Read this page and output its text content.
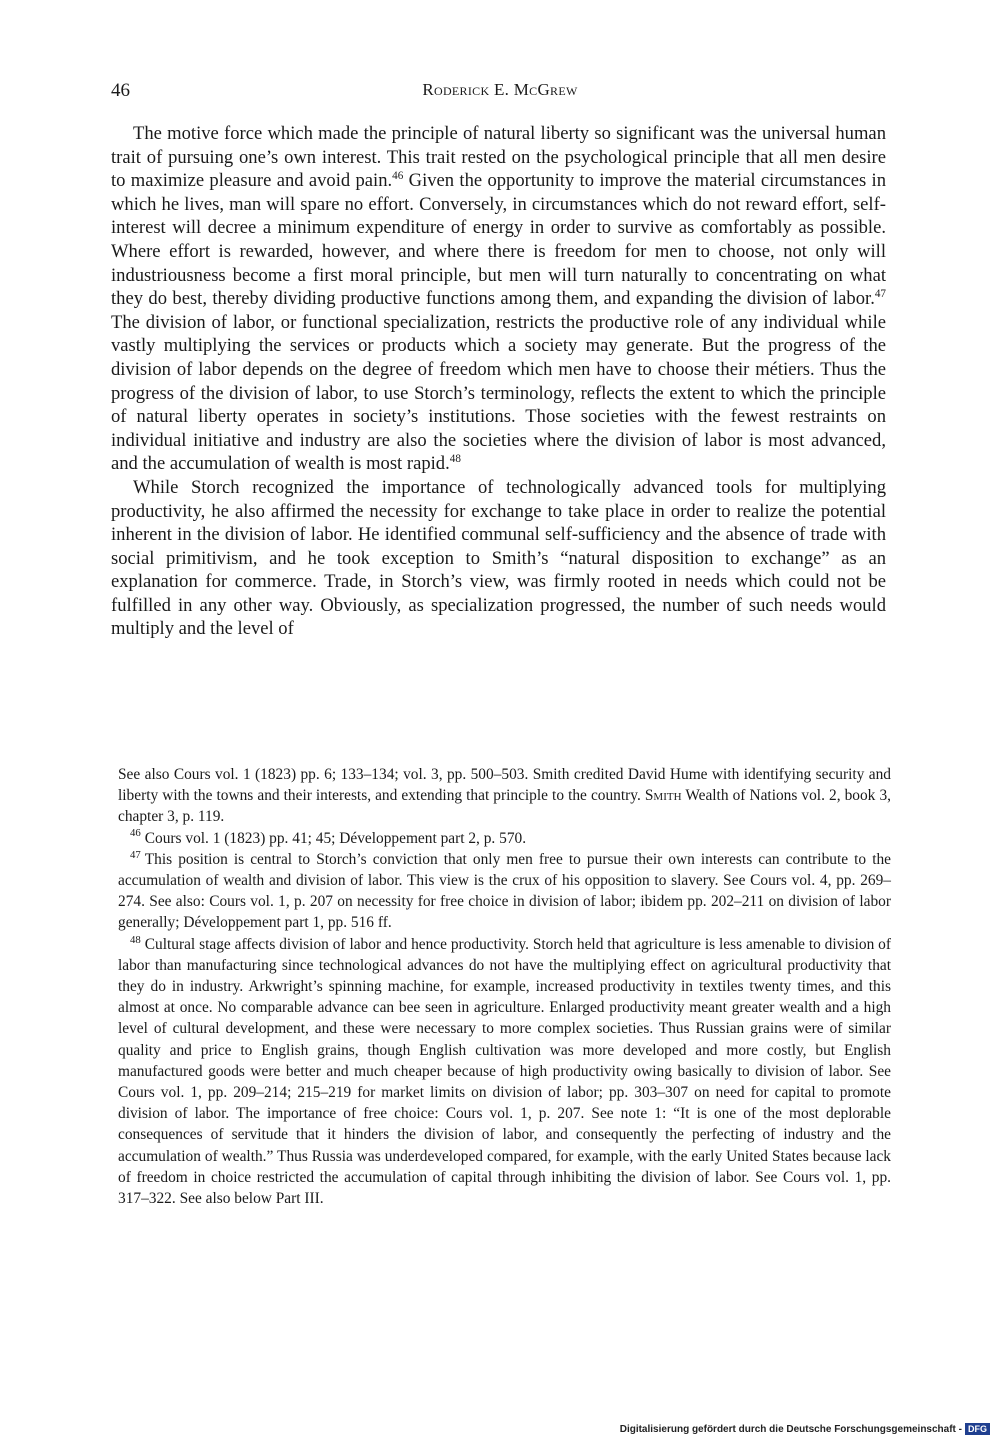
46	Roderick E. McGrew

The motive force which made the principle of natural liberty so significant was the universal human trait of pursuing one’s own interest. This trait rested on the psychological principle that all men desire to maximize pleasure and avoid pain.$^{46}$ Given the opportunity to improve the material circumstances in which he lives, man will spare no effort. Conversely, in circumstances which do not reward effort, self-interest will decree a minimum expenditure of energy in order to survive as comfortably as possible. Where effort is rewarded, however, and where there is freedom for men to choose, not only will industriousness become a first moral principle, but men will turn naturally to concentrating on what they do best, thereby dividing productive functions among them, and expanding the division of labor.$^{47}$ The division of labor, or functional specialization, restricts the productive role of any individual while vastly multiplying the services or products which a society may generate. But the progress of the division of labor depends on the degree of freedom which men have to choose their métiers. Thus the progress of the division of labor, to use Storch’s terminology, reflects the extent to which the principle of natural liberty operates in society’s institutions. Those societies with the fewest restraints on individual initiative and industry are also the societies where the division of labor is most advanced, and the accumulation of wealth is most rapid.$^{48}$

While Storch recognized the importance of technologically advanced tools for multiplying productivity, he also affirmed the necessity for exchange to take place in order to realize the potential inherent in the division of labor. He identified communal self-sufficiency and the absence of trade with social primitivism, and he took exception to Smith’s “natural disposition to exchange” as an explanation for commerce. Trade, in Storch’s view, was firmly rooted in needs which could not be fulfilled in any other way. Obviously, as specialization progressed, the number of such needs would multiply and the level of

See also Cours vol. 1 (1823) pp. 6; 133–134; vol. 3, pp. 500–503. Smith credited David Hume with identifying security and liberty with the towns and their interests, and extending that principle to the country. Smith Wealth of Nations vol. 2, book 3, chapter 3, p. 119.

$^{46}$ Cours vol. 1 (1823) pp. 41; 45; Développement part 2, p. 570.

$^{47}$ This position is central to Storch’s conviction that only men free to pursue their own interests can contribute to the accumulation of wealth and division of labor. This view is the crux of his opposition to slavery. See Cours vol. 4, pp. 269–274. See also: Cours vol. 1, p. 207 on necessity for free choice in division of labor; ibidem pp. 202–211 on division of labor generally; Développement part 1, pp. 516 ff.

$^{48}$ Cultural stage affects division of labor and hence productivity. Storch held that agriculture is less amenable to division of labor than manufacturing since technological advances do not have the multiplying effect on agricultural productivity that they do in industry. Arkwright’s spinning machine, for example, increased productivity in textiles twenty times, and this almost at once. No comparable advance can bee seen in agriculture. Enlarged productivity meant greater wealth and a high level of cultural development, and these were necessary to more complex societies. Thus Russian grains were of similar quality and price to English grains, though English cultivation was more developed and more costly, but English manufactured goods were better and much cheaper because of high productivity owing basically to division of labor. See Cours vol. 1, pp. 209–214; 215–219 for market limits on division of labor; pp. 303–307 on need for capital to promote division of labor. The importance of free choice: Cours vol. 1, p. 207. See note 1: “It is one of the most deplorable consequences of servitude that it hinders the division of labor, and consequently the perfecting of industry and the accumulation of wealth.” Thus Russia was underdeveloped compared, for example, with the early United States because lack of freedom in choice restricted the accumulation of capital through inhibiting the division of labor. See Cours vol. 1, pp. 317–322. See also below Part III.

Digitalisierung gefördert durch die Deutsche Forschungsgemeinschaft - DFG
